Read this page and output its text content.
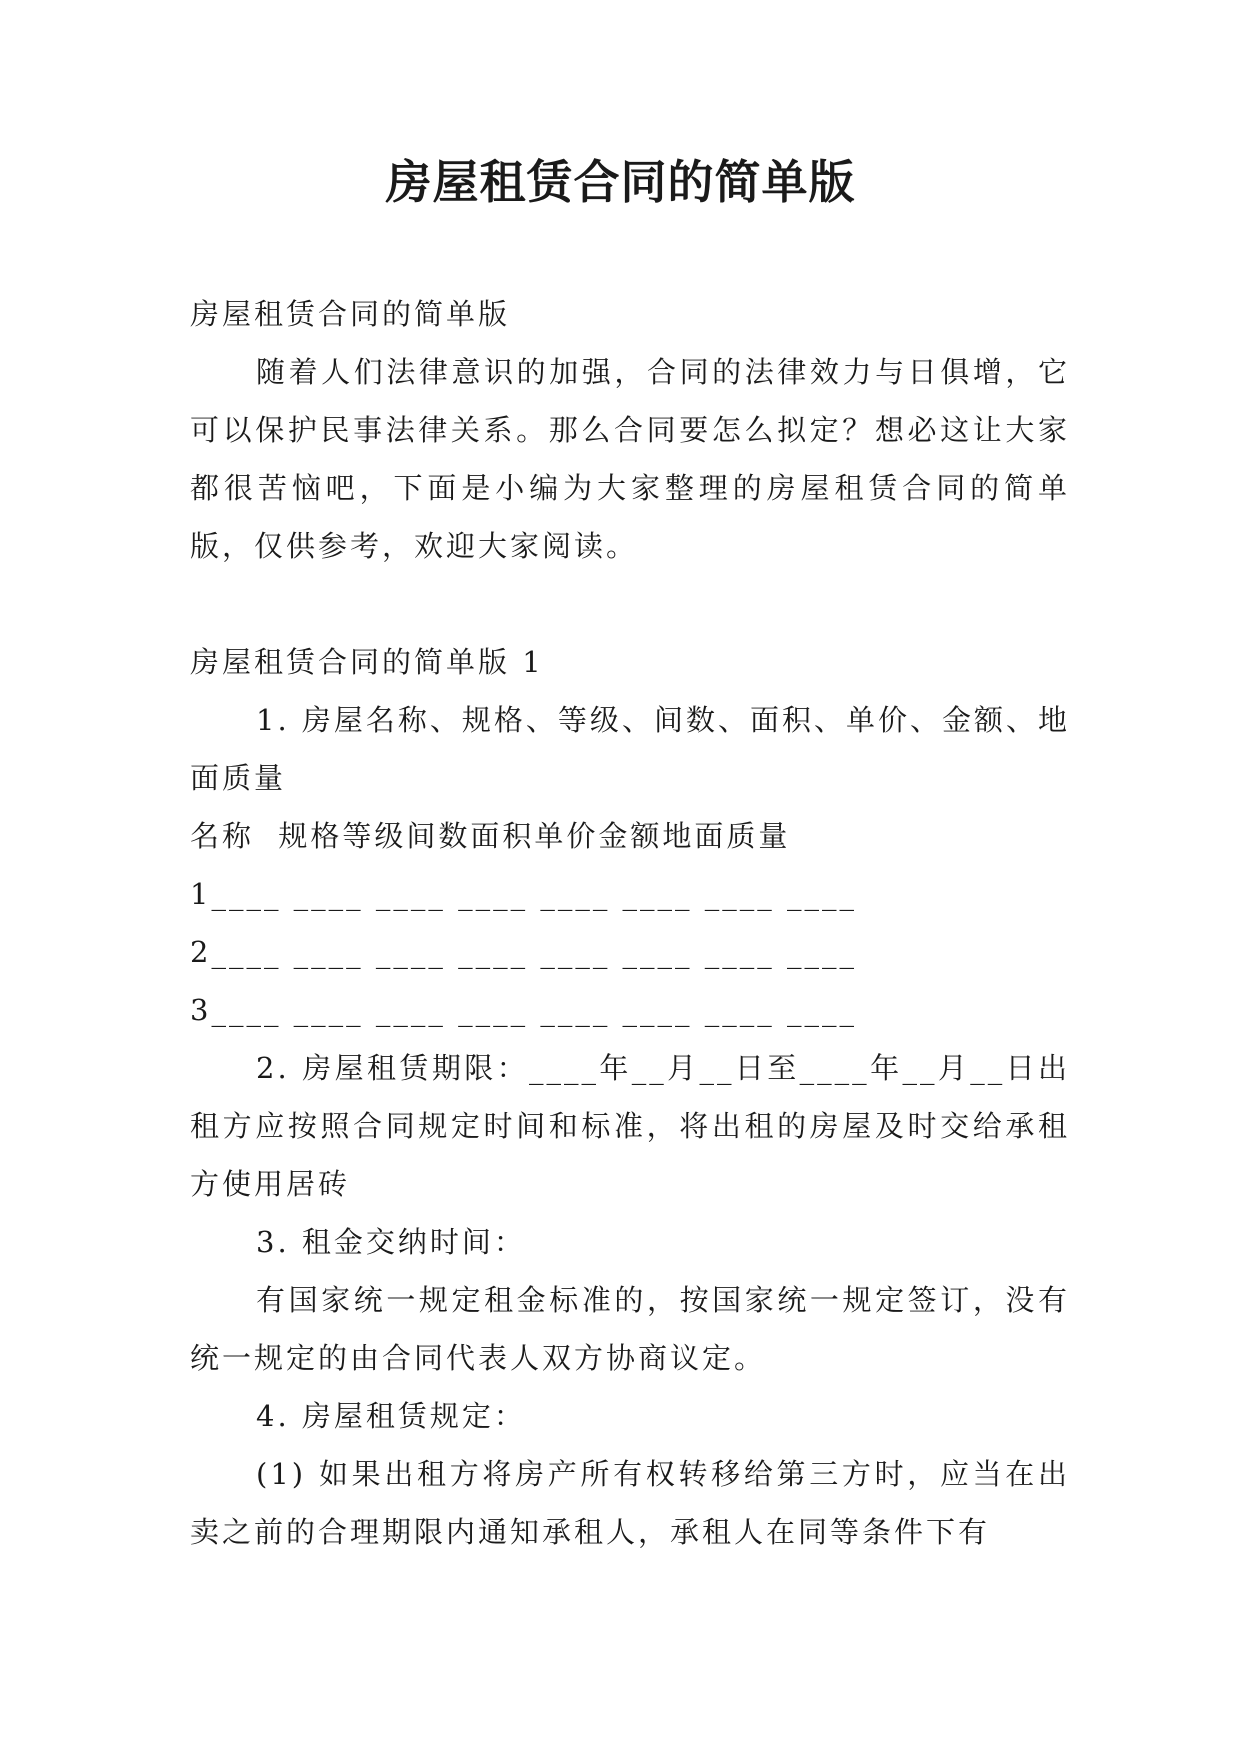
房屋租赁合同的简单版

房屋租赁合同的简单版

随着人们法律意识的加强，合同的法律效力与日俱增，它可以保护民事法律关系。那么合同要怎么拟定？想必这让大家都很苦恼吧，下面是小编为大家整理的房屋租赁合同的简单版，仅供参考，欢迎大家阅读。

房屋租赁合同的简单版 1

1. 房屋名称、规格、等级、间数、面积、单价、金额、地面质量

名称  规格等级间数面积单价金额地面质量

1____ ____ ____ ____ ____ ____ ____ ____

2____ ____ ____ ____ ____ ____ ____ ____

3____ ____ ____ ____ ____ ____ ____ ____

2. 房屋租赁期限：____年__月__日至____年__月__日出租方应按照合同规定时间和标准，将出租的房屋及时交给承租方使用居砖

3. 租金交纳时间：

有国家统一规定租金标准的，按国家统一规定签订，没有统一规定的由合同代表人双方协商议定。

4. 房屋租赁规定：

(1) 如果出租方将房产所有权转移给第三方时，应当在出卖之前的合理期限内通知承租人，承租人在同等条件下有
